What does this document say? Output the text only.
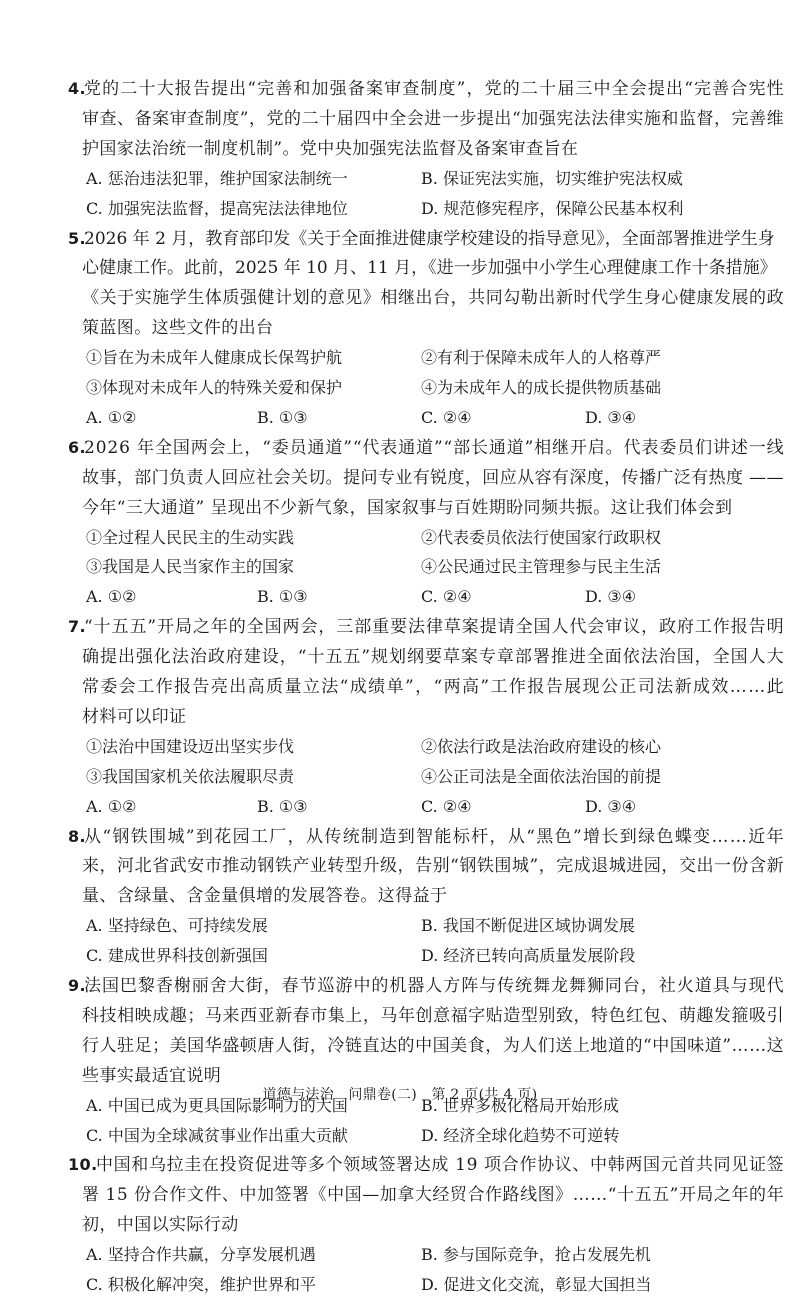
4.
党的二十大报告提出“完善和加强备案审查制度”，党的二十届三中全会提出“完善合宪性
审查、备案审查制度”，党的二十届四中全会进一步提出“加强宪法法律实施和监督，完善维
护国家法治统一制度机制”。党中央加强宪法监督及备案审查旨在
A. 惩治违法犯罪，维护国家法制统一	B. 保证宪法实施，切实维护宪法权威
C. 加强宪法监督，提高宪法法律地位	D. 规范修宪程序，保障公民基本权利
5.
2026 年 2 月，教育部印发《关于全面推进健康学校建设的指导意见》，全面部署推进学生身
心健康工作。此前，2025 年 10 月、11 月，《进一步加强中小学生心理健康工作十条措施》
《关于实施学生体质强健计划的意见》相继出台，共同勾勒出新时代学生身心健康发展的政
策蓝图。这些文件的出台
①旨在为未成年人健康成长保驾护航	②有利于保障未成年人的人格尊严
③体现对未成年人的特殊关爱和保护	④为未成年人的成长提供物质基础
A. ①②	B. ①③	C. ②④	D. ③④
6.
2026 年全国两会上，“委员通道”“代表通道”“部长通道”相继开启。代表委员们讲述一线
故事，部门负责人回应社会关切。提问专业有锐度，回应从容有深度，传播广泛有热度 ——
今年“三大通道” 呈现出不少新气象，国家叙事与百姓期盼同频共振。这让我们体会到
①全过程人民民主的生动实践	②代表委员依法行使国家行政职权
③我国是人民当家作主的国家	④公民通过民主管理参与民主生活
A. ①②	B. ①③	C. ②④	D. ③④
7.
“十五五”开局之年的全国两会，三部重要法律草案提请全国人代会审议，政府工作报告明
确提出强化法治政府建设，“十五五”规划纲要草案专章部署推进全面依法治国，全国人大
常委会工作报告亮出高质量立法“成绩单”，“两高”工作报告展现公正司法新成效……此
材料可以印证
①法治中国建设迈出坚实步伐	②依法行政是法治政府建设的核心
③我国国家机关依法履职尽责	④公正司法是全面依法治国的前提
A. ①②	B. ①③	C. ②④	D. ③④
8.
从“钢铁围城”到花园工厂，从传统制造到智能标杆，从“黑色”增长到绿色蝶变……近年
来，河北省武安市推动钢铁产业转型升级，告别“钢铁围城”，完成退城进园，交出一份含新
量、含绿量、含金量俱增的发展答卷。这得益于
A. 坚持绿色、可持续发展	B. 我国不断促进区域协调发展
C. 建成世界科技创新强国	D. 经济已转向高质量发展阶段
9.
法国巴黎香榭丽舍大街，春节巡游中的机器人方阵与传统舞龙舞狮同台，社火道具与现代
科技相映成趣；马来西亚新春市集上，马年创意福字贴造型别致，特色红包、萌趣发箍吸引
行人驻足；美国华盛顿唐人街，冷链直达的中国美食，为人们送上地道的“中国味道”……这
些事实最适宜说明
A. 中国已成为更具国际影响力的大国	B. 世界多极化格局开始形成
C. 中国为全球减贫事业作出重大贡献	D. 经济全球化趋势不可逆转
10.
中国和乌拉圭在投资促进等多个领域签署达成 19 项合作协议、中韩两国元首共同见证签
署 15 份合作文件、中加签署《中国—加拿大经贸合作路线图》……“十五五”开局之年的年
初，中国以实际行动
A. 坚持合作共赢，分享发展机遇	B. 参与国际竞争，抢占发展先机
C. 积极化解冲突，维护世界和平	D. 促进文化交流，彰显大国担当
道德与法治　问鼎卷(二)　第 2 页(共 4 页)
